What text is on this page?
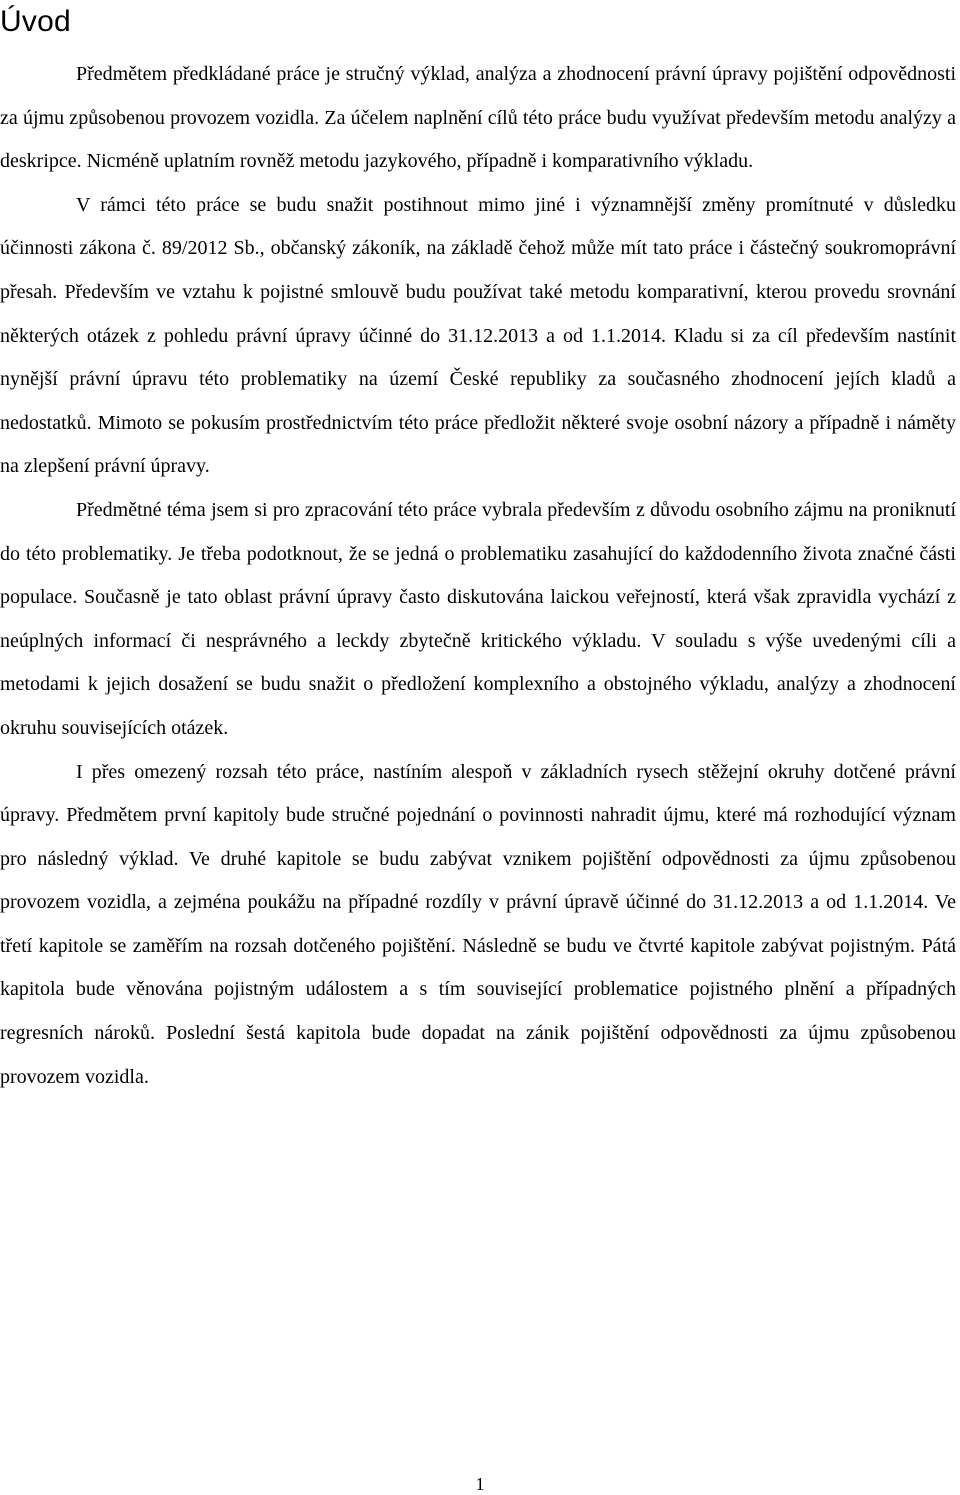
Úvod

Předmětem předkládané práce je stručný výklad, analýza a zhodnocení právní úpravy pojištění odpovědnosti za újmu způsobenou provozem vozidla. Za účelem naplnění cílů této práce budu využívat především metodu analýzy a deskripce. Nicméně uplatním rovněž metodu jazykového, případně i komparativního výkladu.

V rámci této práce se budu snažit postihnout mimo jiné i významnější změny promítnuté v důsledku účinnosti zákona č. 89/2012 Sb., občanský zákoník, na základě čehož může mít tato práce i částečný soukromoprávní přesah. Především ve vztahu k pojistné smlouvě budu používat také metodu komparativní, kterou provedu srovnání některých otázek z pohledu právní úpravy účinné do 31.12.2013 a od 1.1.2014. Kladu si za cíl především nastínit nynější právní úpravu této problematiky na území České republiky za současného zhodnocení jejích kladů a nedostatků. Mimoto se pokusím prostřednictvím této práce předložit některé svoje osobní názory a případně i náměty na zlepšení právní úpravy.

Předmětné téma jsem si pro zpracování této práce vybrala především z důvodu osobního zájmu na proniknutí do této problematiky. Je třeba podotknout, že se jedná o problematiku zasahující do každodenního života značné části populace. Současně je tato oblast právní úpravy často diskutována laickou veřejností, která však zpravidla vychází z neúplných informací či nesprávného a leckdy zbytečně kritického výkladu. V souladu s výše uvedenými cíli a metodami k jejich dosažení se budu snažit o předložení komplexního a obstojného výkladu, analýzy a zhodnocení okruhu souvisejících otázek.

I přes omezený rozsah této práce, nastíním alespoň v základních rysech stěžejní okruhy dotčené právní úpravy. Předmětem první kapitoly bude stručné pojednání o povinnosti nahradit újmu, které má rozhodující význam pro následný výklad. Ve druhé kapitole se budu zabývat vznikem pojištění odpovědnosti za újmu způsobenou provozem vozidla, a zejména poukážu na případné rozdíly v právní úpravě účinné do 31.12.2013 a od 1.1.2014. Ve třetí kapitole se zaměřím na rozsah dotčeného pojištění. Následně se budu ve čtvrté kapitole zabývat pojistným. Pátá kapitola bude věnována pojistným událostem a s tím související problematice pojistného plnění a případných regresních nároků. Poslední šestá kapitola bude dopadat na zánik pojištění odpovědnosti za újmu způsobenou provozem vozidla.

1
